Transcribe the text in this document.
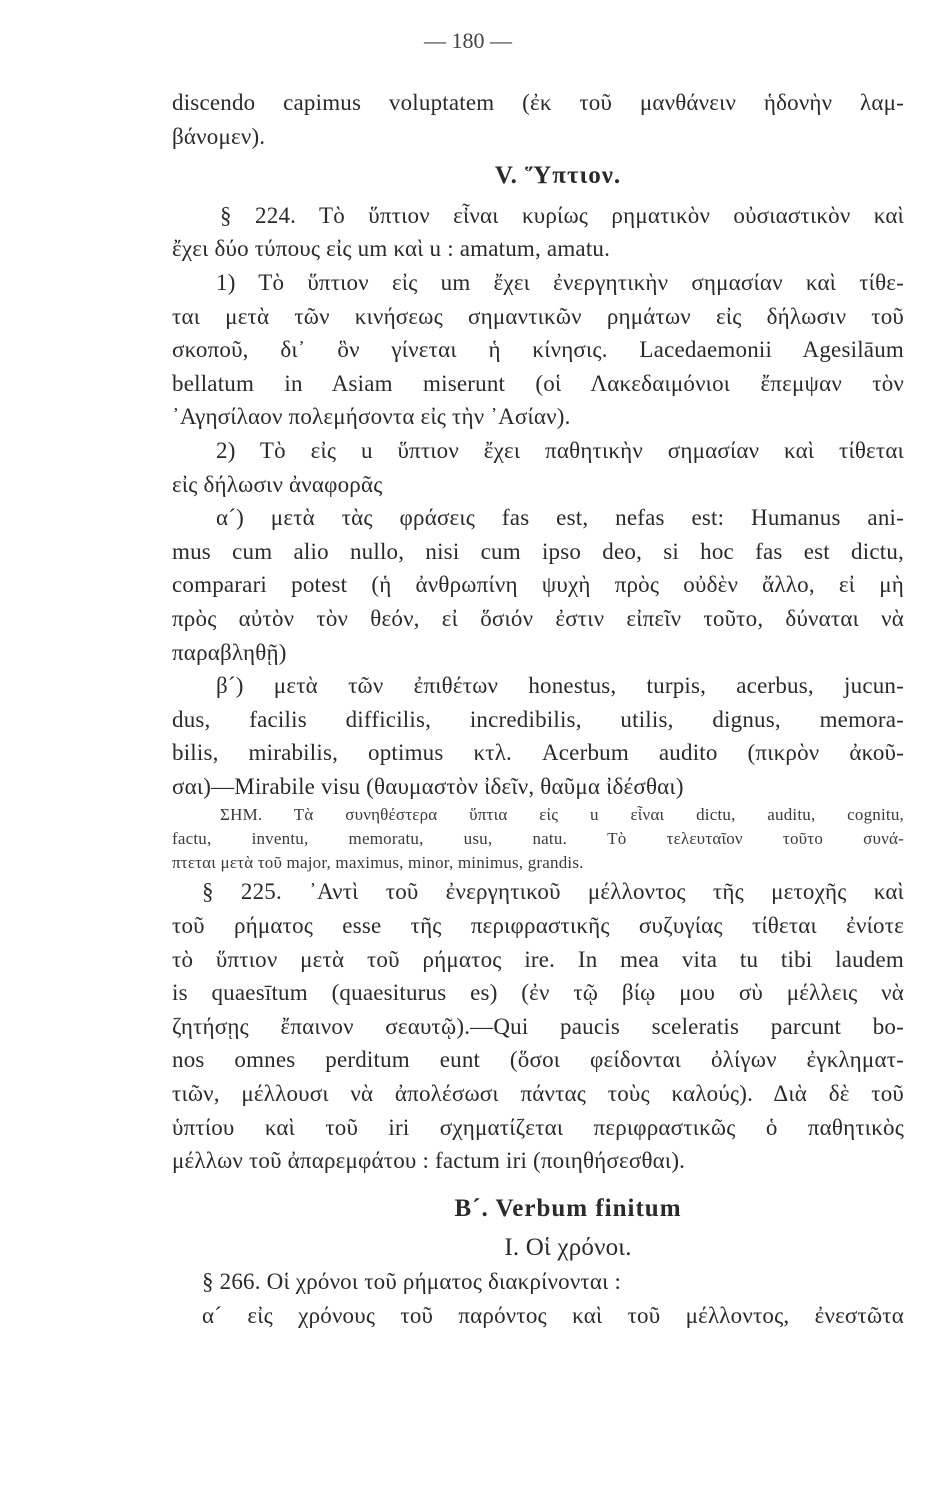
— 180 —
discendo capimus voluptatem (ἐκ τοῦ μανθάνειν ἡδονὴν λαμ-
βάνομεν).
V. Ὕπτιον.
§ 224. Τὸ ὕπτιον εἶναι κυρίως ρηματικὸν οὐσιαστικὸν καὶ
ἔχει δύο τύπους εἰς um καὶ u : amatum, amatu.
1) Τὸ ὕπτιον εἰς um ἔχει ἐνεργητικὴν σημασίαν καὶ τίθε-
ται μετὰ τῶν κινήσεως σημαντικῶν ρημάτων εἰς δήλωσιν τοῦ
σκοποῦ, δι᾽ ὃν γίνεται ἡ κίνησις. Lacedaemonii Agesilāum
bellatum in Asiam miserunt (οἱ Λακεδαιμόνιοι ἔπεμψαν τὸν
᾽Αγησίλαον πολεμήσοντα εἰς τὴν ᾽Ασίαν).
2) Τὸ εἰς u ὕπτιον ἔχει παθητικὴν σημασίαν καὶ τίθεται
εἰς δήλωσιν ἀναφορᾶς
α´) μετὰ τὰς φράσεις fas est, nefas est: Humanus ani-
mus cum alio nullo, nisi cum ipso deo, si hoc fas est dictu,
comparari potest (ἡ ἀνθρωπίνη ψυχὴ πρὸς οὐδὲν ἄλλο, εἰ μὴ
πρὸς αὐτὸν τὸν θεόν, εἰ ὅσιόν ἐστιν εἰπεῖν τοῦτο, δύναται νὰ
παραβληθῇ)
β´) μετὰ τῶν ἐπιθέτων honestus, turpis, acerbus, jucun-
dus, facilis difficilis, incredibilis, utilis, dignus, memora-
bilis, mirabilis, optimus κτλ. Acerbum audito (πικρὸν ἀκοῦ-
σαι)—Mirabile visu (θαυμαστὸν ἰδεῖν, θαῦμα ἰδέσθαι)
ΣΗΜ. Τὰ συνηθέστερα ὕπτια εἰς u εἶναι dictu, auditu, cognitu,
factu, inventu, memoratu, usu, natu. Τὸ τελευταῖον τοῦτο συνά-
πτεται μετὰ τοῦ major, maximus, minor, minimus, grandis.
§ 225. ᾽Αντὶ τοῦ ἐνεργητικοῦ μέλλοντος τῆς μετοχῆς καὶ
τοῦ ρήματος esse τῆς περιφραστικῆς συζυγίας τίθεται ἐνίοτε
τὸ ὕπτιον μετὰ τοῦ ρήματος ire. In mea vita tu tibi laudem
is quaesītum (quaesiturus es) (ἐν τῷ βίῳ μου σὺ μέλλεις νὰ
ζητήσῃς ἔπαινον σεαυτῷ).—Qui paucis sceleratis parcunt bo-
nos omnes perditum eunt (ὅσοι φείδονται ὀλίγων ἐγκληματ-
τιῶν, μέλλουσι νὰ ἀπολέσωσι πάντας τοὺς καλούς). Διὰ δὲ τοῦ
ὑπτίου καὶ τοῦ iri σχηματίζεται περιφραστικῶς ὁ παθητικὸς
μέλλων τοῦ ἀπαρεμφάτου : factum iri (ποιηθήσεσθαι).
B´. Verbum finitum
I. Οἱ χρόνοι.
§ 266. Οἱ χρόνοι τοῦ ρήματος διακρίνονται :
α´ εἰς χρόνους τοῦ παρόντος καὶ τοῦ μέλλοντος, ἐνεστῶτα
